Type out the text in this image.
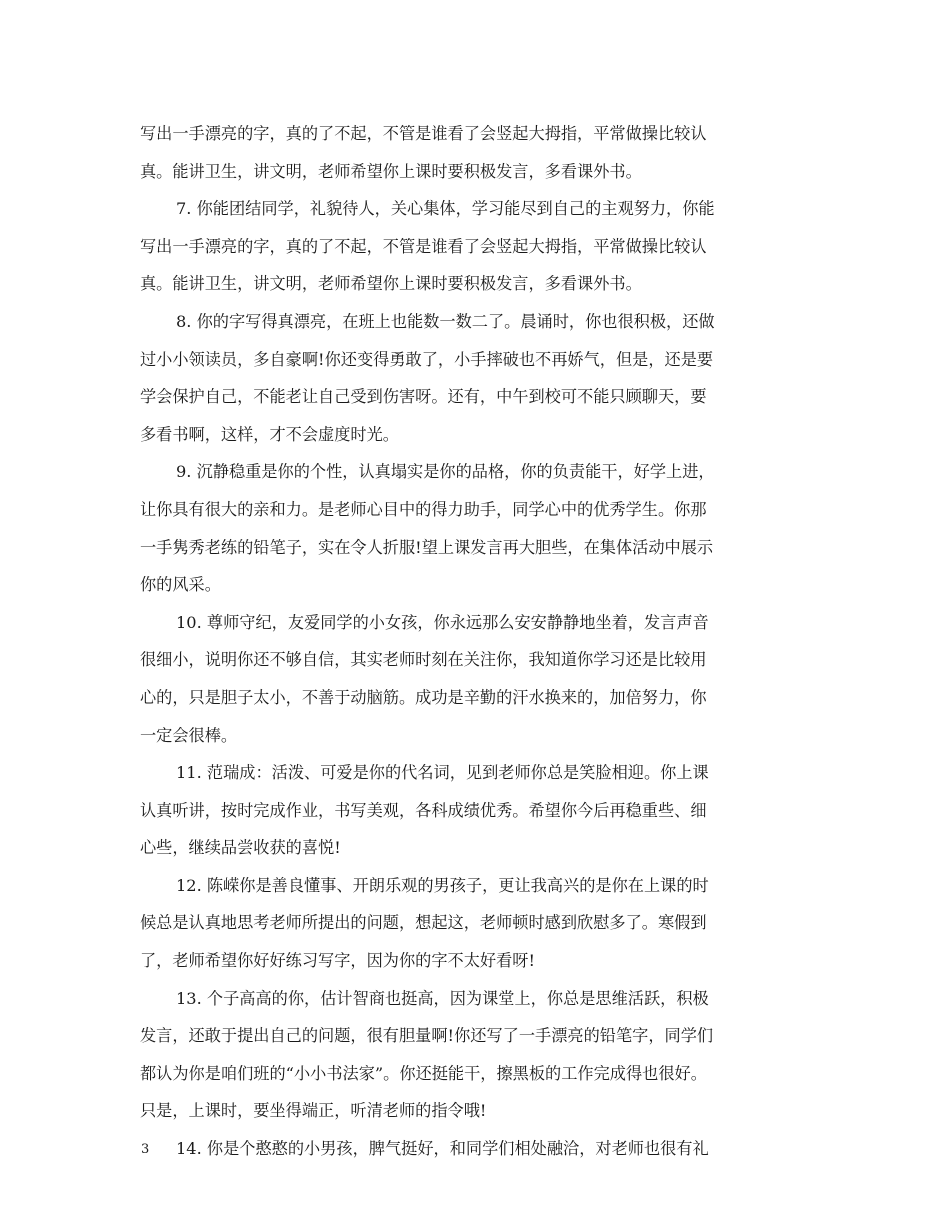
写出一手漂亮的字，真的了不起，不管是谁看了会竖起大拇指，平常做操比较认
真。能讲卫生，讲文明，老师希望你上课时要积极发言，多看课外书。
7. 你能团结同学，礼貌待人，关心集体，学习能尽到自己的主观努力，你能
写出一手漂亮的字，真的了不起，不管是谁看了会竖起大拇指，平常做操比较认
真。能讲卫生，讲文明，老师希望你上课时要积极发言，多看课外书。
8. 你的字写得真漂亮，在班上也能数一数二了。晨诵时，你也很积极，还做
过小小领读员，多自豪啊!你还变得勇敢了，小手摔破也不再娇气，但是，还是要
学会保护自己，不能老让自己受到伤害呀。还有，中午到校可不能只顾聊天，要
多看书啊，这样，才不会虚度时光。
9. 沉静稳重是你的个性，认真塌实是你的品格，你的负责能干，好学上进，
让你具有很大的亲和力。是老师心目中的得力助手，同学心中的优秀学生。你那
一手隽秀老练的铅笔子，实在令人折服!望上课发言再大胆些，在集体活动中展示
你的风采。
10. 尊师守纪，友爱同学的小女孩，你永远那么安安静静地坐着，发言声音
很细小，说明你还不够自信，其实老师时刻在关注你，我知道你学习还是比较用
心的，只是胆子太小，不善于动脑筋。成功是辛勤的汗水换来的，加倍努力，你
一定会很棒。
11. 范瑞成：活泼、可爱是你的代名词，见到老师你总是笑脸相迎。你上课
认真听讲，按时完成作业，书写美观，各科成绩优秀。希望你今后再稳重些、细
心些，继续品尝收获的喜悦!
12. 陈嵘你是善良懂事、开朗乐观的男孩子，更让我高兴的是你在上课的时
候总是认真地思考老师所提出的问题，想起这，老师顿时感到欣慰多了。寒假到
了，老师希望你好好练习写字，因为你的字不太好看呀!
13. 个子高高的你，估计智商也挺高，因为课堂上，你总是思维活跃，积极
发言，还敢于提出自己的问题，很有胆量啊!你还写了一手漂亮的铅笔字，同学们
都认为你是咱们班的“小小书法家”。你还挺能干，擦黑板的工作完成得也很好。
只是，上课时，要坐得端正，听清老师的指令哦!
14. 你是个憨憨的小男孩，脾气挺好，和同学们相处融洽，对老师也很有礼
3
